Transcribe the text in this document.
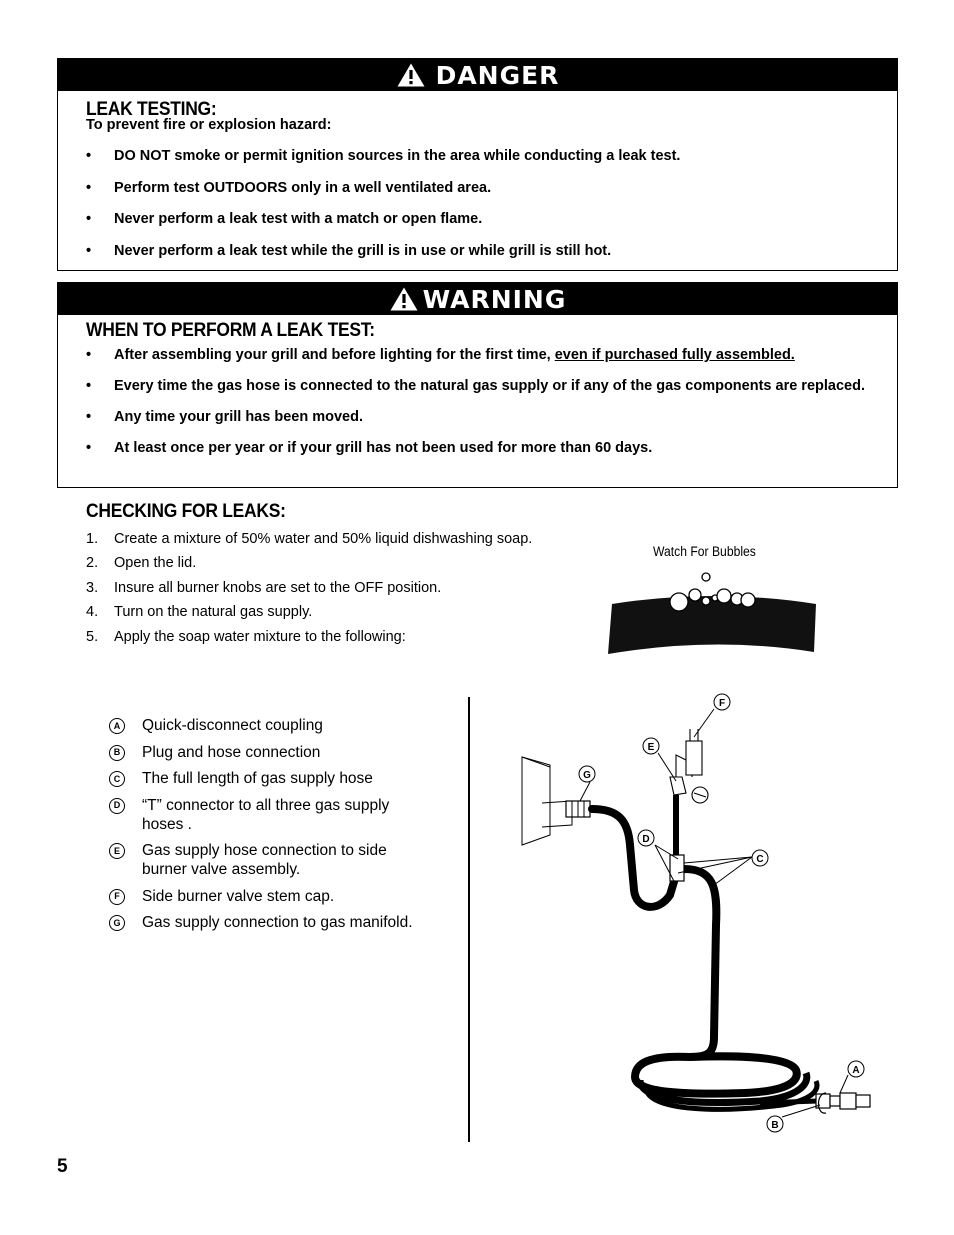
DANGER
LEAK TESTING:
To prevent fire or explosion hazard:
• DO NOT smoke or permit ignition sources in the area while conducting a leak test.
• Perform test OUTDOORS only in a well ventilated area.
• Never perform a leak test with a match or open flame.
• Never perform a leak test while the grill is in use or while grill is still hot.
WARNING
WHEN TO PERFORM A LEAK TEST:
• After assembling your grill and before lighting for the first time, even if purchased fully assembled.
• Every time the gas hose is connected to the natural gas supply or if any of the gas components are replaced.
• Any time your grill has been moved.
• At least once per year or if your grill has not been used for more than 60 days.
CHECKING FOR LEAKS:
1.	Create a mixture of 50% water and 50% liquid dishwashing soap.
2.	Open the lid.
3.	Insure all burner knobs are set to the OFF position.
4.	Turn on the natural gas supply.
5.	Apply the soap water mixture to the following:
Watch For Bubbles
A	Quick-disconnect coupling
B	Plug and hose connection
C	The full length of gas supply hose
D	“T” connector to all three gas supply hoses .
E	Gas supply hose connection to side burner valve assembly.
F	Side burner valve stem cap.
G Gas supply connection to gas manifold.
F
E
G
D
C
A
B
5
